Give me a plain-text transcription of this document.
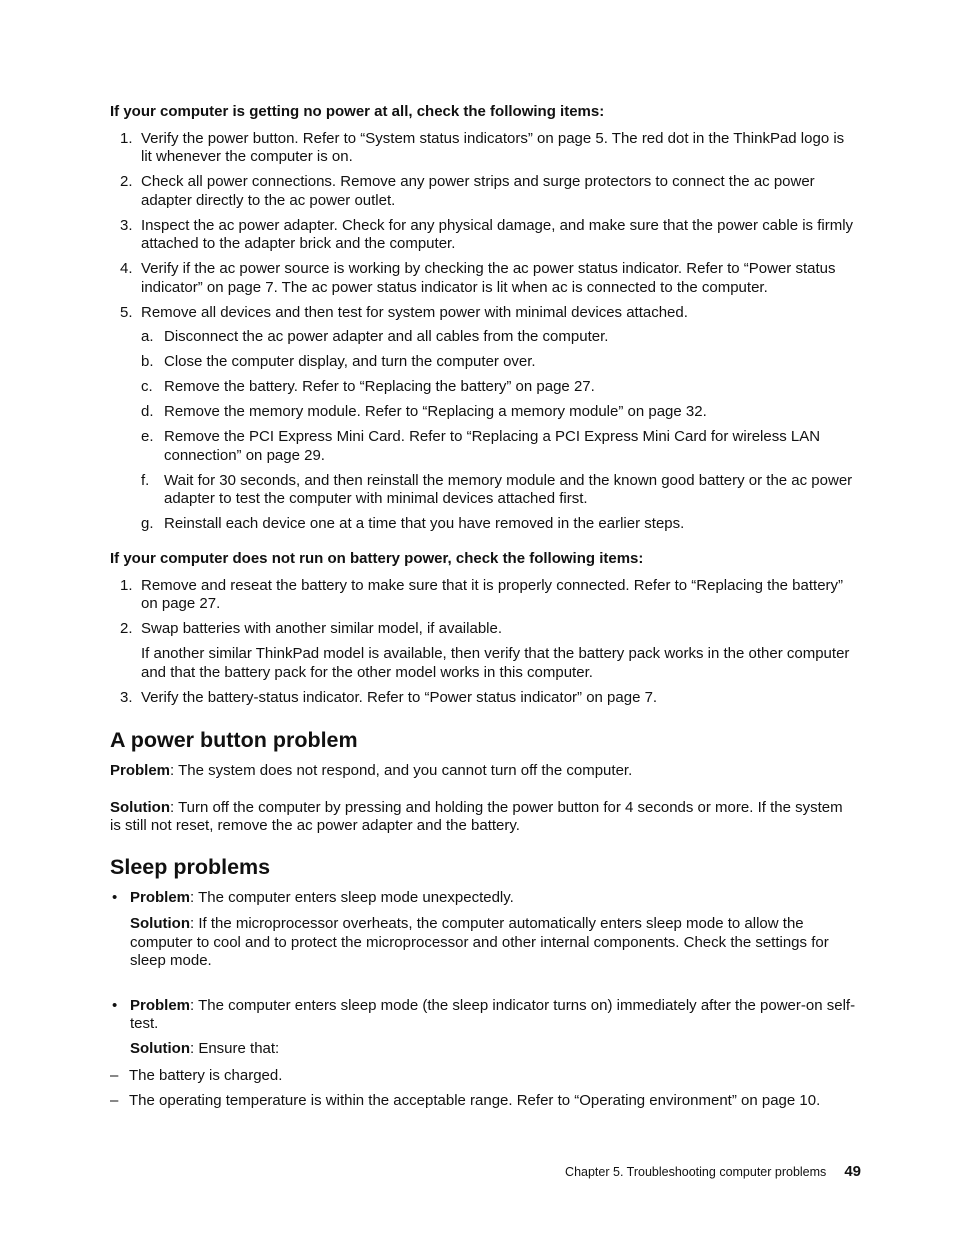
If your computer is getting no power at all, check the following items:

1. Verify the power button. Refer to “System status indicators” on page 5. The red dot in the ThinkPad logo is lit whenever the computer is on.
2. Check all power connections. Remove any power strips and surge protectors to connect the ac power adapter directly to the ac power outlet.
3. Inspect the ac power adapter. Check for any physical damage, and make sure that the power cable is firmly attached to the adapter brick and the computer.
4. Verify if the ac power source is working by checking the ac power status indicator. Refer to “Power status indicator” on page 7. The ac power status indicator is lit when ac is connected to the computer.
5. Remove all devices and then test for system power with minimal devices attached.
a. Disconnect the ac power adapter and all cables from the computer.
b. Close the computer display, and turn the computer over.
c. Remove the battery. Refer to “Replacing the battery” on page 27.
d. Remove the memory module. Refer to “Replacing a memory module” on page 32.
e. Remove the PCI Express Mini Card. Refer to “Replacing a PCI Express Mini Card for wireless LAN connection” on page 29.
f. Wait for 30 seconds, and then reinstall the memory module and the known good battery or the ac power adapter to test the computer with minimal devices attached first.
g. Reinstall each device one at a time that you have removed in the earlier steps.

If your computer does not run on battery power, check the following items:

1. Remove and reseat the battery to make sure that it is properly connected. Refer to “Replacing the battery” on page 27.
2. Swap batteries with another similar model, if available.

If another similar ThinkPad model is available, then verify that the battery pack works in the other computer and that the battery pack for the other model works in this computer.

3. Verify the battery-status indicator. Refer to “Power status indicator” on page 7.
A power button problem

Problem: The system does not respond, and you cannot turn off the computer.

Solution: Turn off the computer by pressing and holding the power button for 4 seconds or more. If the system is still not reset, remove the ac power adapter and the battery.

Sleep problems
• Problem: The computer enters sleep mode unexpectedly.

Solution: If the microprocessor overheats, the computer automatically enters sleep mode to allow the computer to cool and to protect the microprocessor and other internal components. Check the settings for sleep mode.

• Problem: The computer enters sleep mode (the sleep indicator turns on) immediately after the power-on self-test.

Solution: Ensure that:

– The battery is charged.
– The operating temperature is within the acceptable range. Refer to “Operating environment” on page 10.
Chapter 5. Troubleshooting computer problems 49
